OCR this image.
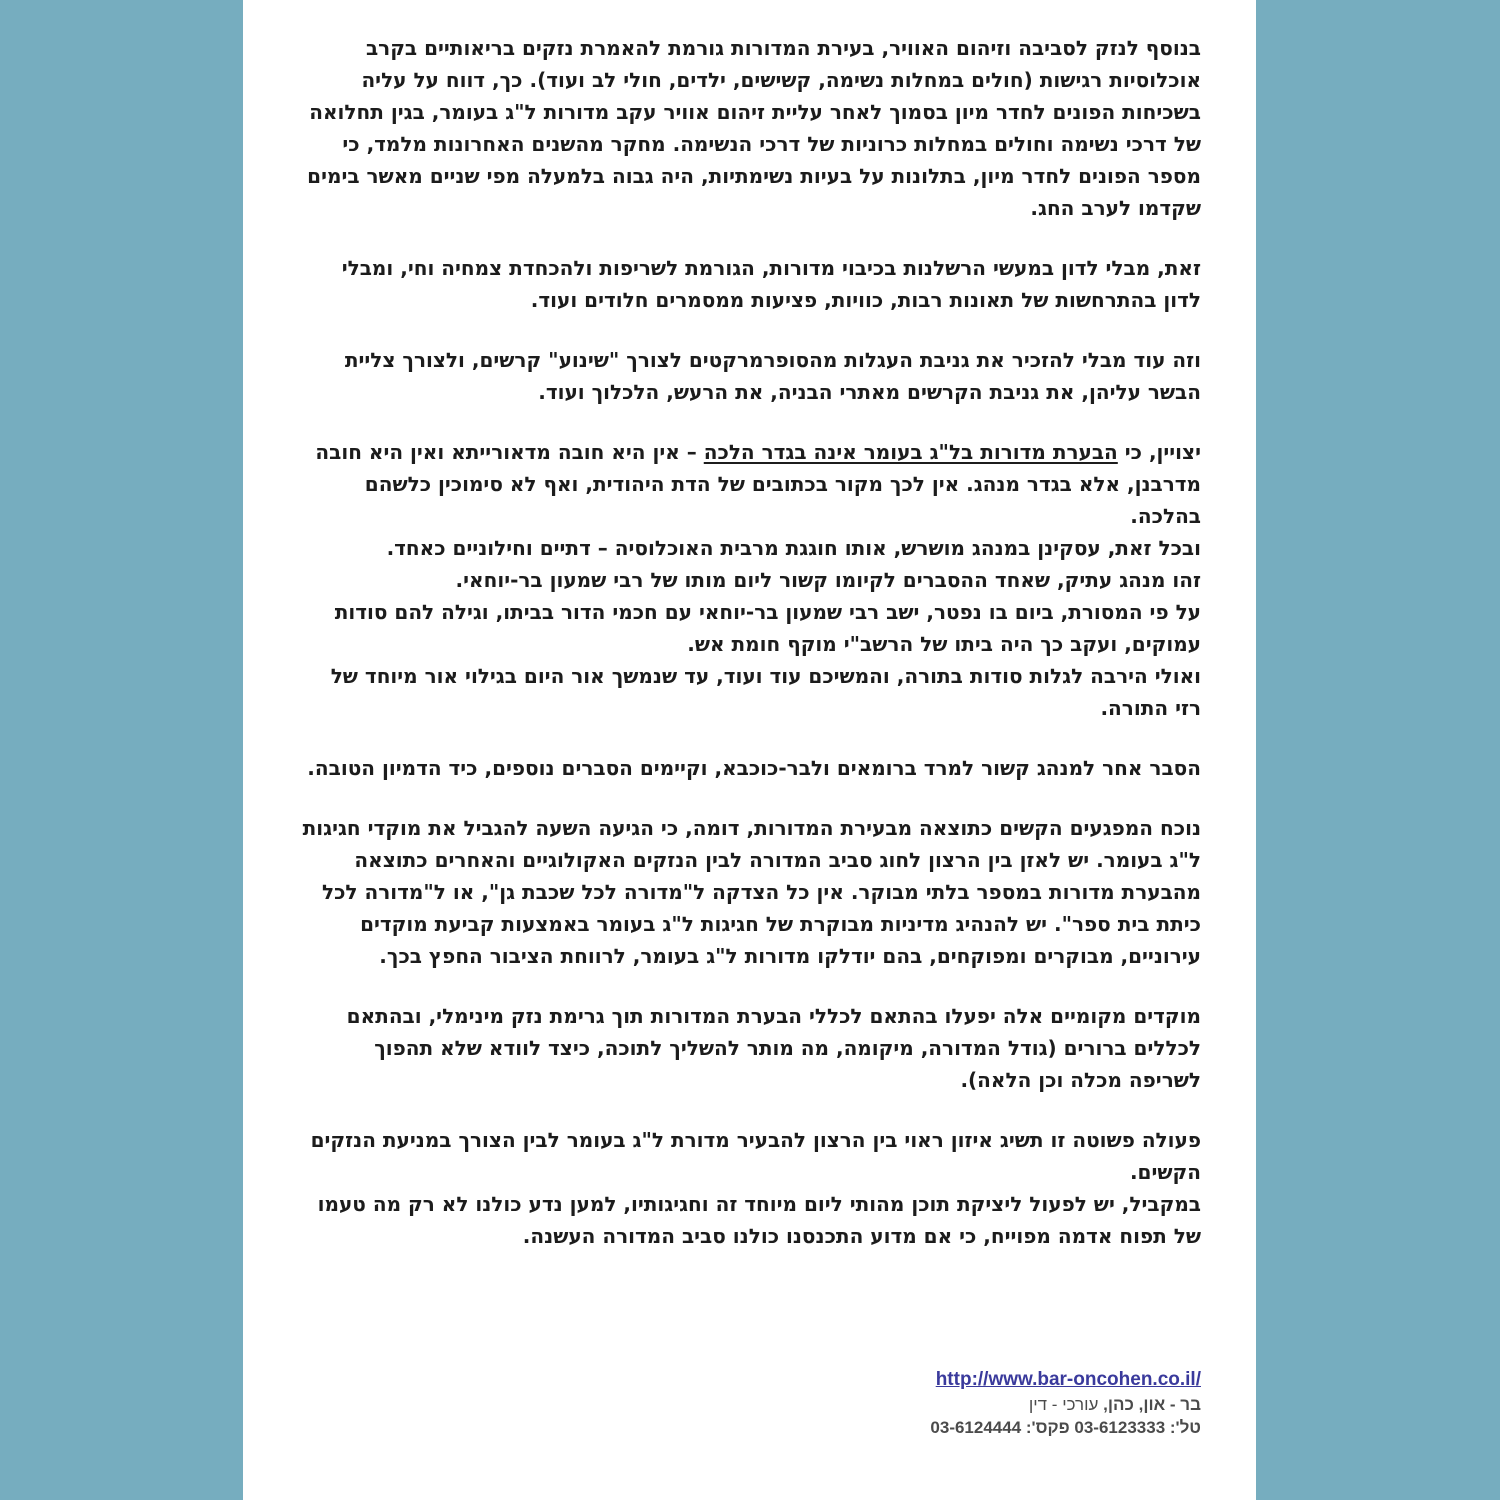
בנוסף לנזק לסביבה וזיהום האוויר, בעירת המדורות גורמת להאמרת נזקים בריאותיים בקרב אוכלוסיות רגישות (חולים במחלות נשימה, קשישים, ילדים, חולי לב ועוד). כך, דווח על עליה בשכיחות הפונים לחדר מיון בסמוך לאחר עליית זיהום אוויר עקב מדורות ל"ג בעומר, בגין תחלואה של דרכי נשימה וחולים במחלות כרוניות של דרכי הנשימה. מחקר מהשנים האחרונות מלמד, כי מספר הפונים לחדר מיון, בתלונות על בעיות נשימתיות, היה גבוה בלמעלה מפי שניים מאשר בימים שקדמו לערב החג.

זאת, מבלי לדון במעשי הרשלנות בכיבוי מדורות, הגורמת לשריפות ולהכחדת צמחיה וחי, ומבלי לדון בהתרחשות של תאונות רבות, כוויות, פציעות ממסמרים חלודים ועוד.

וזה עוד מבלי להזכיר את גניבת העגלות מהסופרמרקטים לצורך "שינוע" קרשים, ולצורך צליית הבשר עליהן, את גניבת הקרשים מאתרי הבניה, את הרעש, הלכלוך ועוד.

יצויין, כי הבערת מדורות בל"ג בעומר אינה בגדר הלכה – אין היא חובה מדאורייתא ואין היא חובה מדרבנן, אלא בגדר מנהג. אין לכך מקור בכתובים של הדת היהודית, ואף לא סימוכין כלשהם בהלכה.

ובכל זאת, עסקינן במנהג מושרש, אותו חוגגת מרבית האוכלוסיה – דתיים וחילוניים כאחד.

זהו מנהג עתיק, שאחד ההסברים לקיומו קשור ליום מותו של רבי שמעון בר-יוחאי.

על פי המסורת, ביום בו נפטר, ישב רבי שמעון בר-יוחאי עם חכמי הדור בביתו, וגילה להם סודות עמוקים, ועקב כך היה ביתו של הרשב"י מוקף חומת אש.

ואולי הירבה לגלות סודות בתורה, והמשיכם עוד ועוד, עד שנמשך אור היום בגילוי אור מיוחד של רזי התורה.

הסבר אחר למנהג קשור למרד ברומאים ולבר-כוכבא, וקיימים הסברים נוספים, כיד הדמיון הטובה.

נוכח המפגעים הקשים כתוצאה מבעירת המדורות, דומה, כי הגיעה השעה להגביל את מוקדי חגיגות ל"ג בעומר. יש לאזן בין הרצון לחוג סביב המדורה לבין הנזקים האקולוגיים והאחרים כתוצאה מהבערת מדורות במספר בלתי מבוקר. אין כל הצדקה ל"מדורה לכל שכבת גן", או ל"מדורה לכל כיתת בית ספר". יש להנהיג מדיניות מבוקרת של חגיגות ל"ג בעומר באמצעות קביעת מוקדים עירוניים, מבוקרים ומפוקחים, בהם יודלקו מדורות ל"ג בעומר, לרווחת הציבור החפץ בכך.

מוקדים מקומיים אלה יפעלו בהתאם לכללי הבערת המדורות תוך גרימת נזק מינימלי, ובהתאם לכללים ברורים (גודל המדורה, מיקומה, מה מותר להשליך לתוכה, כיצד לוודא שלא תהפוך לשריפה מכלה וכן הלאה).

פעולה פשוטה זו תשיג איזון ראוי בין הרצון להבעיר מדורת ל"ג בעומר לבין הצורך במניעת הנזקים הקשים.

במקביל, יש לפעול ליציקת תוכן מהותי ליום מיוחד זה וחגיגותיו, למען נדע כולנו לא רק מה טעמו של תפוח אדמה מפוייח, כי אם מדוע התכנסנו כולנו סביב המדורה העשנה.

http://www.bar-oncohen.co.il/
בר - און, כהן, עורכי - דין
טל': 03-6123333 פקס': 03-6124444
